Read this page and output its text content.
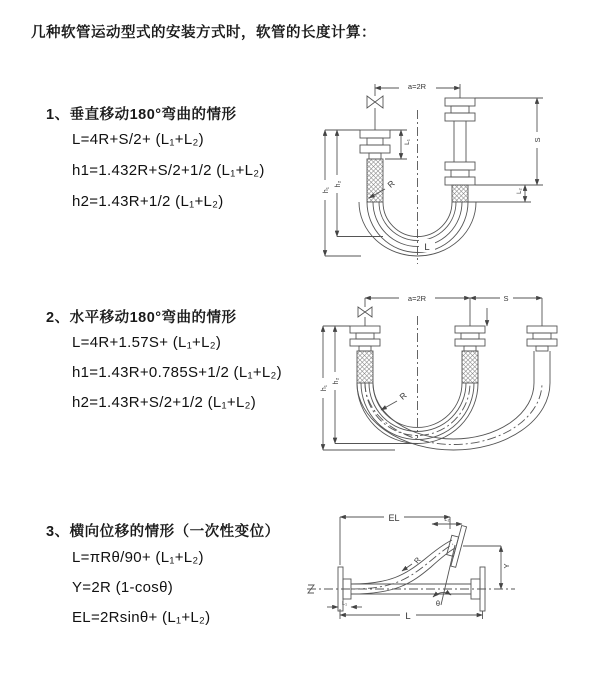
几种软管运动型式的安装方式时，软管的长度计算：
1、垂直移动180°弯曲的情形
L=4R+S/2+ (L₁+L₂)
h1=1.432R+S/2+1/2 (L₁+L₂)
h2=1.43R+1/2 (L₁+L₂)
2、水平移动180°弯曲的情形
L=4R+1.57S+ (L₁+L₂)
h1=1.43R+0.785S+1/2 (L₁+L₂)
h2=1.43R+S/2+1/2 (L₁+L₂)
3、横向位移的情形（一次性变位）
L=πRθ/90+ (L₁+L₂)
Y=2R (1-cosθ)
EL=2Rsinθ+ (L₁+L₂)
a=2R
h₁
h₂
L₁	S
L₂
R
L
a=2R	S
h₁
h₂
R
EL	L₂
Y
R
θ
L
L₁
